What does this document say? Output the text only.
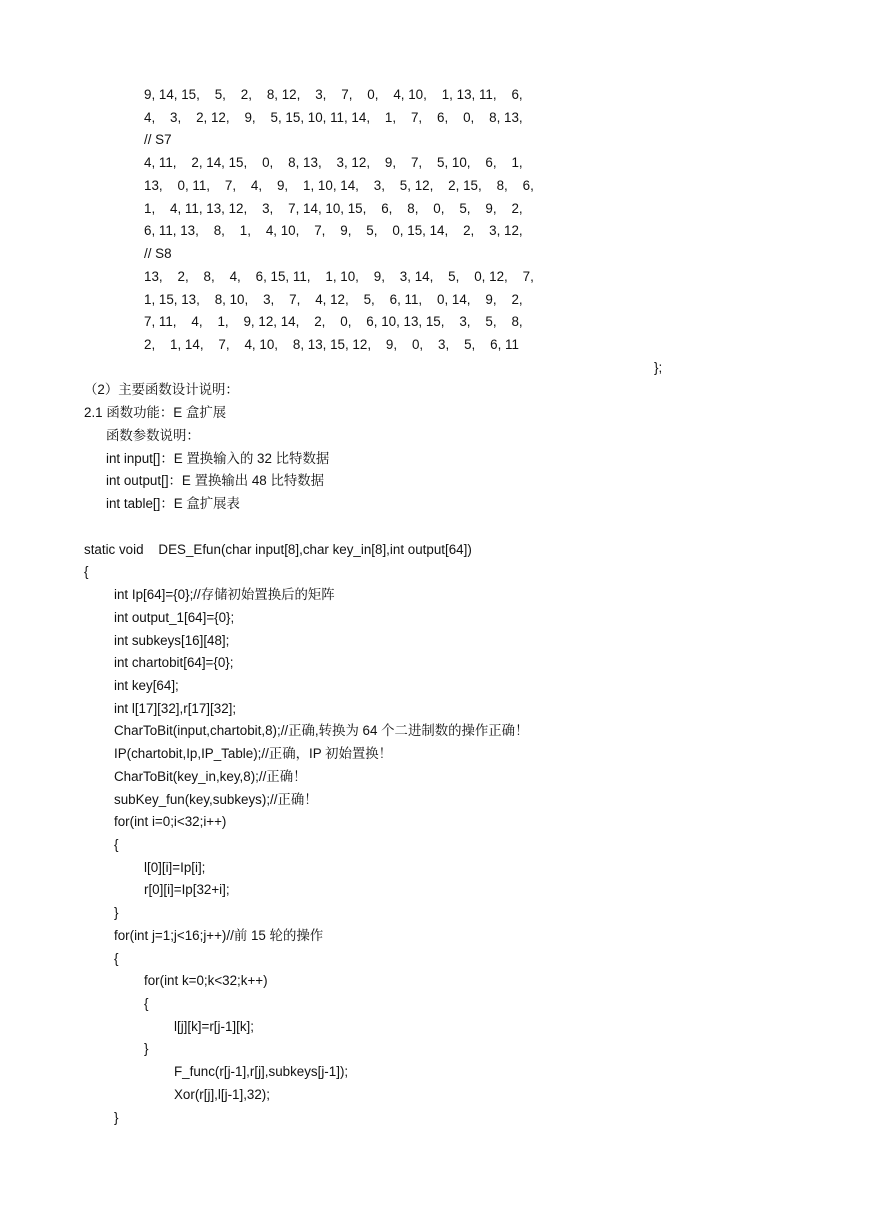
9, 14, 15,    5,    2,    8, 12,    3,    7,    0,    4, 10,    1, 13, 11,    6,
4,    3,    2, 12,    9,    5, 15, 10, 11, 14,    1,    7,    6,    0,    8, 13,
// S7
4, 11,    2, 14, 15,    0,    8, 13,    3, 12,    9,    7,    5, 10,    6,    1,
13,    0, 11,    7,    4,    9,    1, 10, 14,    3,    5, 12,    2, 15,    8,    6,
1,    4, 11, 13, 12,    3,    7, 14, 10, 15,    6,    8,    0,    5,    9,    2,
6, 11, 13,    8,    1,    4, 10,    7,    9,    5,    0, 15, 14,    2,    3, 12,
// S8
13,    2,    8,    4,    6, 15, 11,    1, 10,    9,    3, 14,    5,    0, 12,    7,
1, 15, 13,    8, 10,    3,    7,    4, 12,    5,    6, 11,    0, 14,    9,    2,
7, 11,    4,    1,    9, 12, 14,    2,    0,    6, 10, 13, 15,    3,    5,    8,
2,    1, 14,    7,    4, 10,    8, 13, 15, 12,    9,    0,    3,    5,    6, 11
};
（2）主要函数设计说明：
2.1 函数功能：E 盒扩展
函数参数说明：
int input[]：E 置换输入的 32 比特数据
int output[]：E 置换输出 48 比特数据
int table[]：E 盒扩展表
static void    DES_Efun(char input[8],char key_in[8],int output[64])
{
int Ip[64]={0};//存储初始置换后的矩阵
int output_1[64]={0};
int subkeys[16][48];
int chartobit[64]={0};
int key[64];
int l[17][32],r[17][32];
CharToBit(input,chartobit,8);//正确,转换为 64 个二进制数的操作正确！
IP(chartobit,Ip,IP_Table);//正确，IP 初始置换！
CharToBit(key_in,key,8);//正确！
subKey_fun(key,subkeys);//正确！
for(int i=0;i<32;i++)
{
l[0][i]=Ip[i];
r[0][i]=Ip[32+i];
}
for(int j=1;j<16;j++)//前 15 轮的操作
{
for(int k=0;k<32;k++)
{
l[j][k]=r[j-1][k];
}
F_func(r[j-1],r[j],subkeys[j-1]);
Xor(r[j],l[j-1],32);
}
